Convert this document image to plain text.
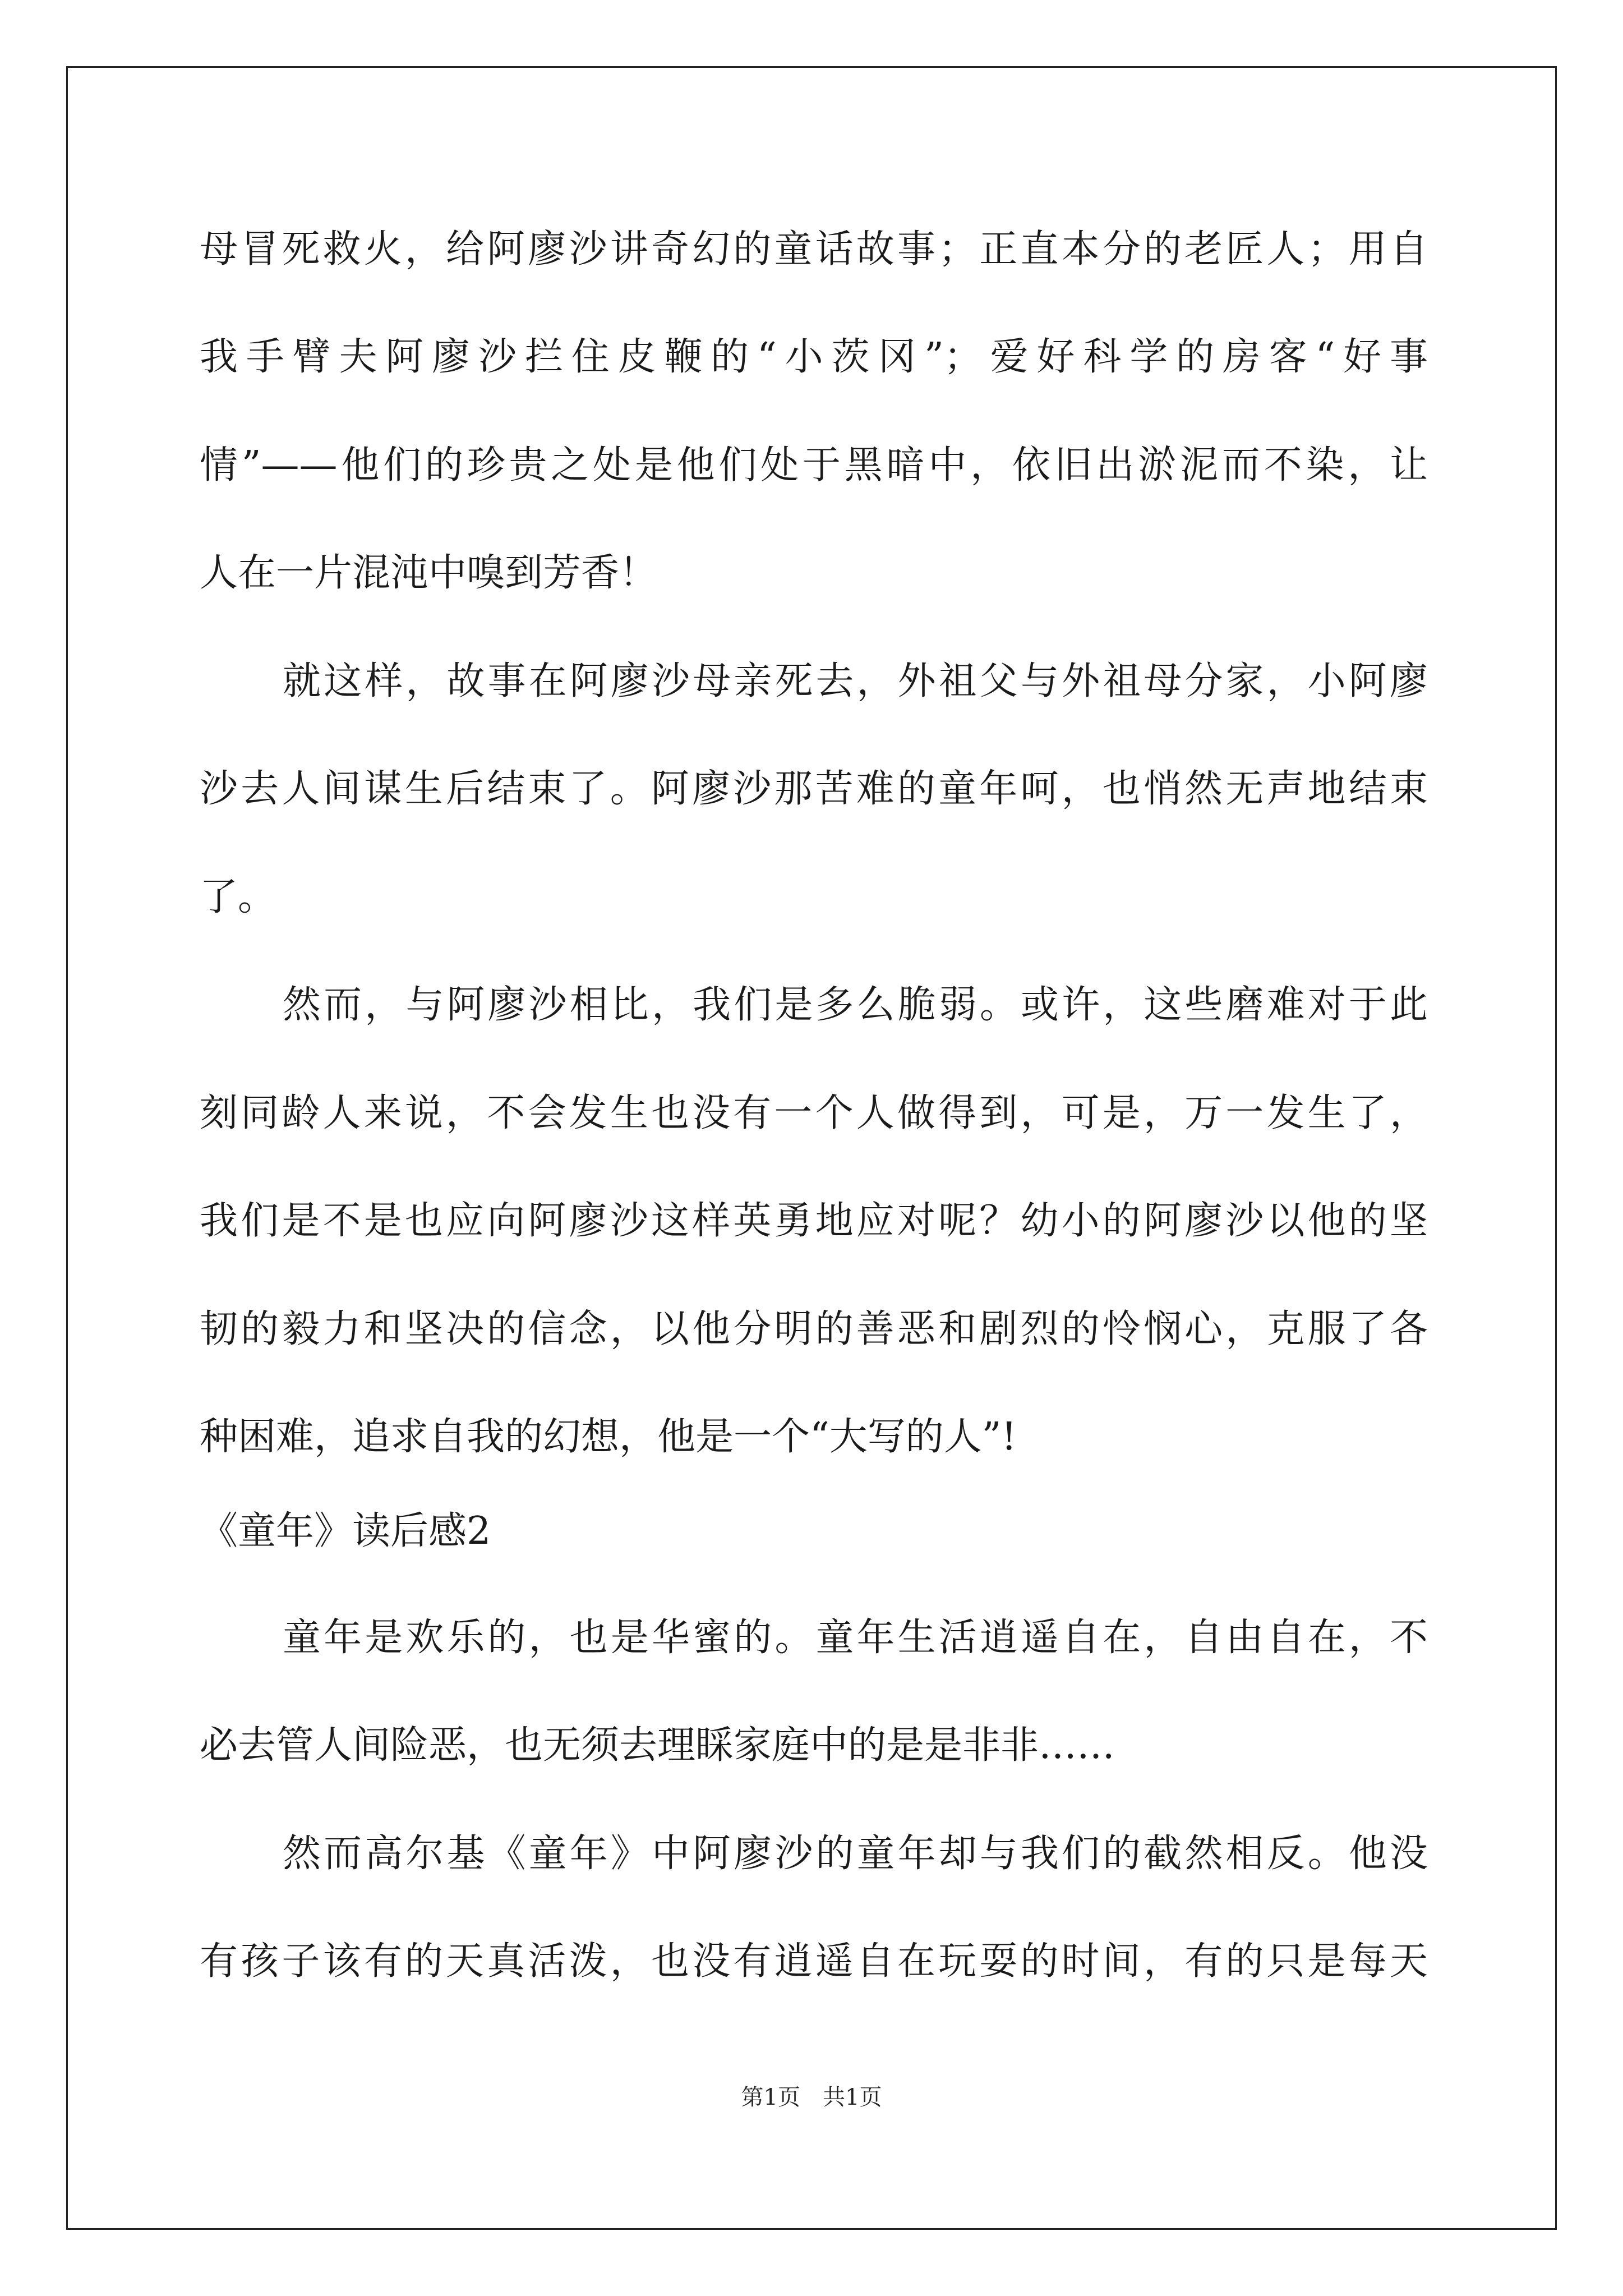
母冒死救火，给阿廖沙讲奇幻的童话故事；正直本分的老匠人；用自
我手臂夫阿廖沙拦住皮鞭的“小茨冈”；爱好科学的房客“好事
情”——他们的珍贵之处是他们处于黑暗中，依旧出淤泥而不染，让
人在一片混沌中嗅到芳香！
就这样，故事在阿廖沙母亲死去，外祖父与外祖母分家，小阿廖
沙去人间谋生后结束了。阿廖沙那苦难的童年呵，也悄然无声地结束
了。
然而，与阿廖沙相比，我们是多么脆弱。或许，这些磨难对于此
刻同龄人来说，不会发生也没有一个人做得到，可是，万一发生了，
我们是不是也应向阿廖沙这样英勇地应对呢？幼小的阿廖沙以他的坚
韧的毅力和坚决的信念，以他分明的善恶和剧烈的怜悯心，克服了各
种困难，追求自我的幻想，他是一个“大写的人”!
《童年》读后感2
童年是欢乐的，也是华蜜的。童年生活逍遥自在，自由自在，不
必去管人间险恶，也无须去理睬家庭中的是是非非……
然而高尔基《童年》中阿廖沙的童年却与我们的截然相反。他没
有孩子该有的天真活泼，也没有逍遥自在玩耍的时间，有的只是每天
第1页　共1页
